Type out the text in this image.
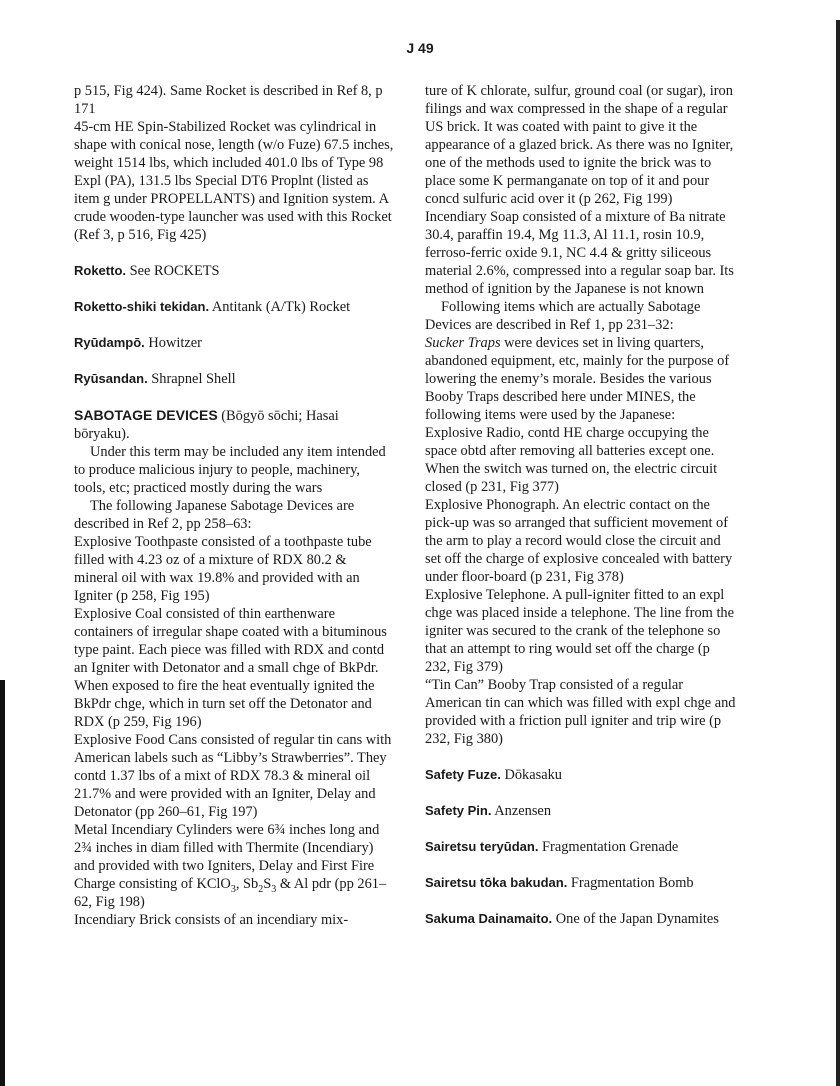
J 49

p 515, Fig 424). Same Rocket is described in Ref 8, p 171

45-cm HE Spin-Stabilized Rocket was cylindrical in shape with conical nose, length (w/o Fuze) 67.5 inches, weight 1514 lbs, which included 401.0 lbs of Type 98 Expl (PA), 131.5 lbs Special DT6 Proplnt (listed as item g under PROPELLANTS) and Ignition system. A crude wooden-type launcher was used with this Rocket (Ref 3, p 516, Fig 425)

Roketto. See ROCKETS

Roketto-shiki tekidan. Antitank (A/Tk) Rocket

Ryūdampō. Howitzer

Ryūsandan. Shrapnel Shell

SABOTAGE DEVICES (Bōgyō sōchi; Hasai bōryaku).

Under this term may be included any item intended to produce malicious injury to people, machinery, tools, etc; practiced mostly during the wars

The following Japanese Sabotage Devices are described in Ref 2, pp 258–63:

Explosive Toothpaste consisted of a toothpaste tube filled with 4.23 oz of a mixture of RDX 80.2 & mineral oil with wax 19.8% and provided with an Igniter (p 258, Fig 195)

Explosive Coal consisted of thin earthenware containers of irregular shape coated with a bituminous type paint. Each piece was filled with RDX and contd an Igniter with Detonator and a small chge of BkPdr. When exposed to fire the heat eventually ignited the BkPdr chge, which in turn set off the Detonator and RDX (p 259, Fig 196)

Explosive Food Cans consisted of regular tin cans with American labels such as “Libby’s Strawberries”. They contd 1.37 lbs of a mixt of RDX 78.3 & mineral oil 21.7% and were provided with an Igniter, Delay and Detonator (pp 260–61, Fig 197)

Metal Incendiary Cylinders were 6¾ inches long and 2¾ inches in diam filled with Thermite (Incendiary) and provided with two Igniters, Delay and First Fire Charge consisting of KClO$_3$, $Sb_2S_3$ & Al pdr (pp 261–62, Fig 198)

Incendiary Brick consists of an incendiary mix-

ture of K chlorate, sulfur, ground coal (or sugar), iron filings and wax compressed in the shape of a regular US brick. It was coated with paint to give it the appearance of a glazed brick. As there was no Igniter, one of the methods used to ignite the brick was to place some K permanganate on top of it and pour concd sulfuric acid over it (p 262, Fig 199)

Incendiary Soap consisted of a mixture of Ba nitrate 30.4, paraffin 19.4, Mg 11.3, Al 11.1, rosin 10.9, ferroso-ferric oxide 9.1, NC 4.4 & gritty siliceous material 2.6%, compressed into a regular soap bar. Its method of ignition by the Japanese is not known

Following items which are actually Sabotage Devices are described in Ref 1, pp 231–32:

Sucker Traps were devices set in living quarters, abandoned equipment, etc, mainly for the purpose of lowering the enemy’s morale. Besides the various Booby Traps described here under MINES, the following items were used by the Japanese:

Explosive Radio, contd HE charge occupying the space obtd after removing all batteries except one. When the switch was turned on, the electric circuit closed (p 231, Fig 377)

Explosive Phonograph. An electric contact on the pick-up was so arranged that sufficient movement of the arm to play a record would close the circuit and set off the charge of explosive concealed with battery under floor-board (p 231, Fig 378)

Explosive Telephone. A pull-igniter fitted to an expl chge was placed inside a telephone. The line from the igniter was secured to the crank of the telephone so that an attempt to ring would set off the charge (p 232, Fig 379)

“Tin Can” Booby Trap consisted of a regular American tin can which was filled with expl chge and provided with a friction pull igniter and trip wire (p 232, Fig 380)

Safety Fuze. Dōkasaku

Safety Pin. Anzensen

Sairetsu teryūdan. Fragmentation Grenade

Sairetsu tōka bakudan. Fragmentation Bomb

Sakuma Dainamaito. One of the Japan Dynamites
